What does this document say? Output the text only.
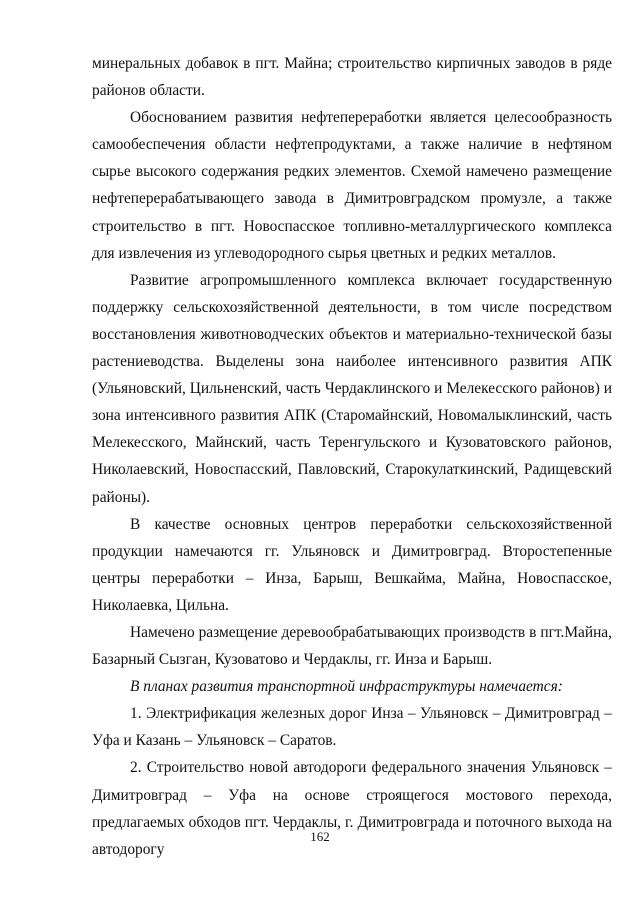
минеральных добавок в пгт. Майна; строительство кирпичных заводов в ряде районов области.

Обоснованием развития нефтепереработки является целесообразность самообеспечения области нефтепродуктами, а также наличие в нефтяном сырье высокого содержания редких элементов. Схемой намечено размещение нефтеперерабатывающего завода в Димитровградском промузле, а также строительство в пгт. Новоспасское топливно-металлургического комплекса для извлечения из углеводородного сырья цветных и редких металлов.

Развитие агропромышленного комплекса включает государственную поддержку сельскохозяйственной деятельности, в том числе посредством восстановления животноводческих объектов и материально-технической базы растениеводства. Выделены зона наиболее интенсивного развития АПК (Ульяновский, Цильненский, часть Чердаклинского и Мелекесского районов) и зона интенсивного развития АПК (Старомайнский, Новомалыклинский, часть Мелекесского, Майнский, часть Теренгульского и Кузоватовского районов, Николаевский, Новоспасский, Павловский, Старокулаткинский, Радищевский районы).

В качестве основных центров переработки сельскохозяйственной продукции намечаются гг. Ульяновск и Димитровград. Второстепенные центры переработки – Инза, Барыш, Вешкайма, Майна, Новоспасское, Николаевка, Цильна.

Намечено размещение деревообрабатывающих производств в пгт.Майна, Базарный Сызган, Кузоватово и Чердаклы, гг. Инза и Барыш.

В планах развития транспортной инфраструктуры намечается:

1. Электрификация железных дорог Инза – Ульяновск – Димитровград – Уфа и Казань – Ульяновск – Саратов.

2. Строительство новой автодороги федерального значения Ульяновск – Димитровград – Уфа на основе строящегося мостового перехода, предлагаемых обходов пгт. Чердаклы, г. Димитровграда и поточного выхода на автодорогу

162
